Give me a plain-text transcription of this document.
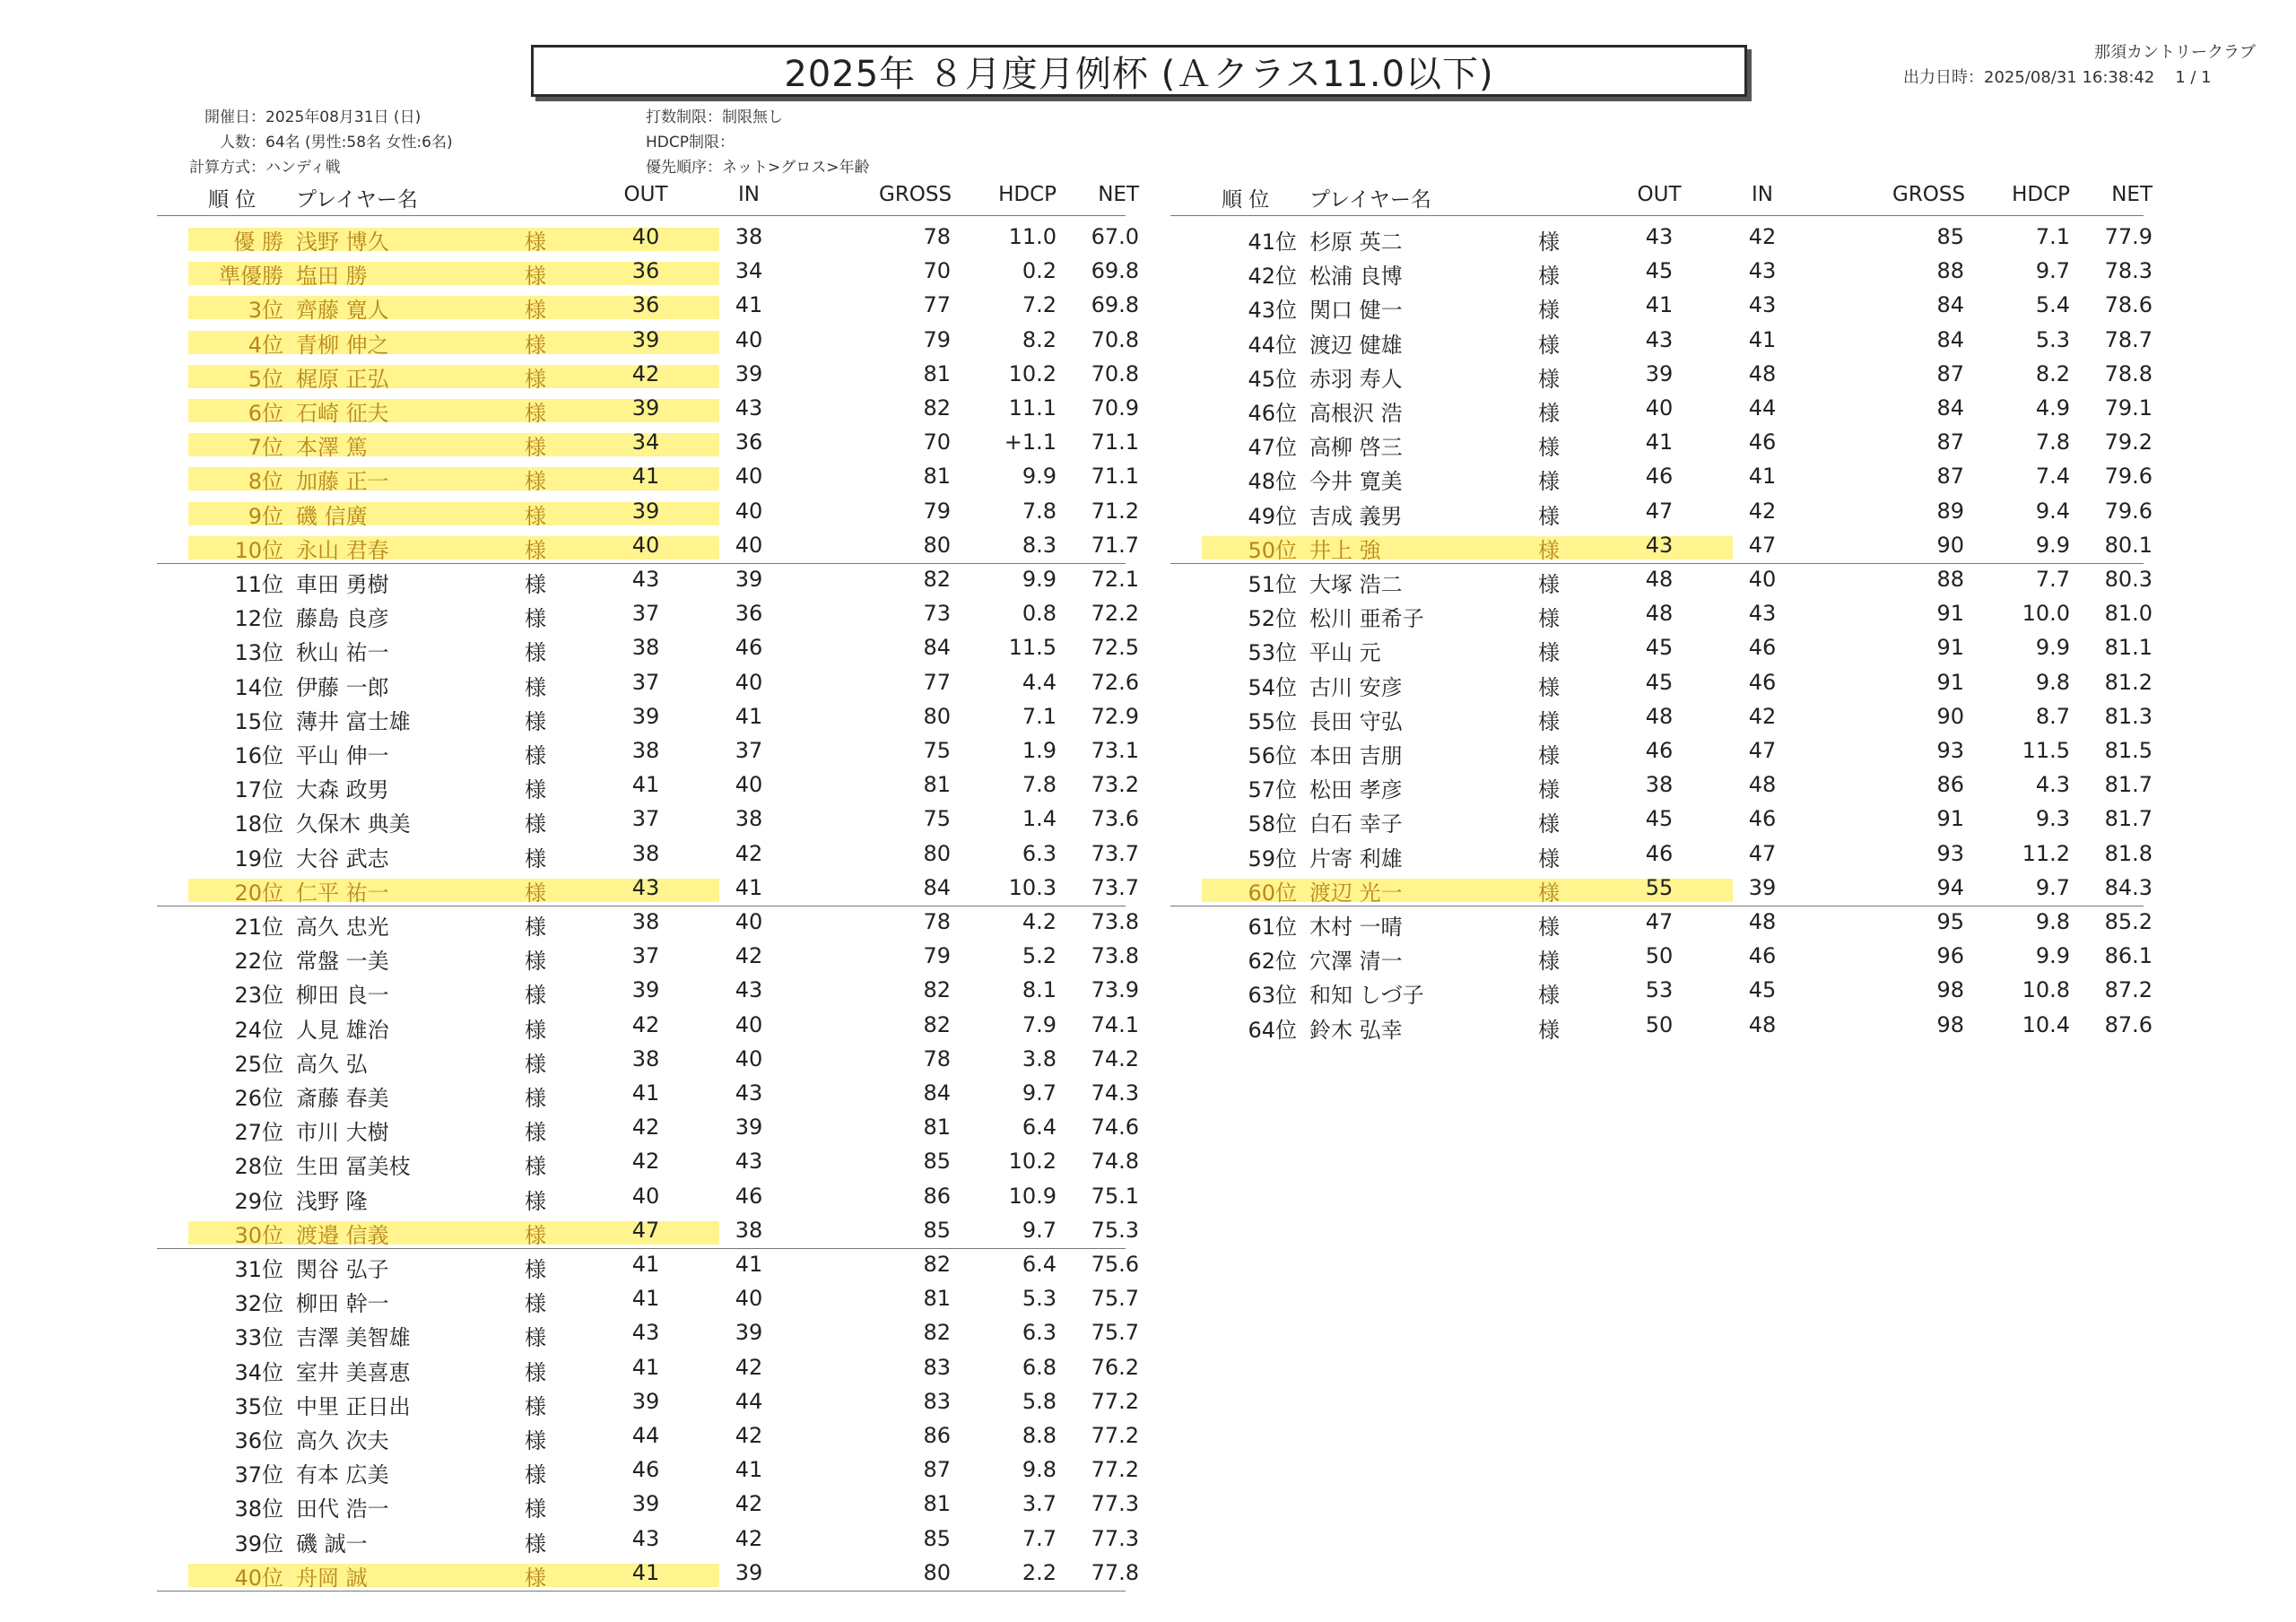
2025年 ８月度月例杯 (Ａクラス11.0以下)
那須カントリークラブ
出力日時：2025/08/31 16:38:42    1 / 1
開催日：2025年08月31日 (日)
人数：64名 (男性:58名 女性:6名)
計算方式：ハンディ戦
打数制限：制限無し
HDCP制限：
優先順序：ネット>グロス>年齢
順 位 プレイヤー名	OUT	IN	GROSS	HDCP	NET	順 位 プレイヤー名	OUT	IN	GROSS	HDCP	NET
優 勝 浅野 博久	様	40	38	78	11.0	67.0
準優勝 塩田 勝	様	36	34	70	0.2	69.8
3位 齊藤 寛人	様	36	41	77	7.2	69.8
4位 青柳 伸之	様	39	40	79	8.2	70.8
5位 梶原 正弘	様	42	39	81	10.2	70.8
6位 石崎 征夫	様	39	43	82	11.1	70.9
7位 本澤 篤	様	34	36	70	+1.1	71.1
8位 加藤 正一	様	41	40	81	9.9	71.1
9位 磯 信廣	様	39	40	79	7.8	71.2
10位 永山 君春	様	40	40	80	8.3	71.7
11位 車田 勇樹	様	43	39	82	9.9	72.1
12位 藤島 良彦	様	37	36	73	0.8	72.2
13位 秋山 祐一	様	38	46	84	11.5	72.5
14位 伊藤 一郎	様	37	40	77	4.4	72.6
15位 薄井 富士雄	様	39	41	80	7.1	72.9
16位 平山 伸一	様	38	37	75	1.9	73.1
17位 大森 政男	様	41	40	81	7.8	73.2
18位 久保木 典美	様	37	38	75	1.4	73.6
19位 大谷 武志	様	38	42	80	6.3	73.7
20位 仁平 祐一	様	43	41	84	10.3	73.7
21位 高久 忠光	様	38	40	78	4.2	73.8
22位 常盤 一美	様	37	42	79	5.2	73.8
23位 柳田 良一	様	39	43	82	8.1	73.9
24位 人見 雄治	様	42	40	82	7.9	74.1
25位 高久 弘	様	38	40	78	3.8	74.2
26位 斎藤 春美	様	41	43	84	9.7	74.3
27位 市川 大樹	様	42	39	81	6.4	74.6
28位 生田 冨美枝	様	42	43	85	10.2	74.8
29位 浅野 隆	様	40	46	86	10.9	75.1
30位 渡邉 信義	様	47	38	85	9.7	75.3
31位 関谷 弘子	様	41	41	82	6.4	75.6
32位 柳田 幹一	様	41	40	81	5.3	75.7
33位 吉澤 美智雄	様	43	39	82	6.3	75.7
34位 室井 美喜恵	様	41	42	83	6.8	76.2
35位 中里 正日出	様	39	44	83	5.8	77.2
36位 高久 次夫	様	44	42	86	8.8	77.2
37位 有本 広美	様	46	41	87	9.8	77.2
38位 田代 浩一	様	39	42	81	3.7	77.3
39位 磯 誠一	様	43	42	85	7.7	77.3
40位 舟岡 誠	様	41	39	80	2.2	77.8
41位 杉原 英二	様	43	42	85	7.1	77.9
42位 松浦 良博	様	45	43	88	9.7	78.3
43位 関口 健一	様	41	43	84	5.4	78.6
44位 渡辺 健雄	様	43	41	84	5.3	78.7
45位 赤羽 寿人	様	39	48	87	8.2	78.8
46位 高根沢 浩	様	40	44	84	4.9	79.1
47位 高柳 啓三	様	41	46	87	7.8	79.2
48位 今井 寛美	様	46	41	87	7.4	79.6
49位 吉成 義男	様	47	42	89	9.4	79.6
50位 井上 強	様	43	47	90	9.9	80.1
51位 大塚 浩二	様	48	40	88	7.7	80.3
52位 松川 亜希子	様	48	43	91	10.0	81.0
53位 平山 元	様	45	46	91	9.9	81.1
54位 古川 安彦	様	45	46	91	9.8	81.2
55位 長田 守弘	様	48	42	90	8.7	81.3
56位 本田 吉朋	様	46	47	93	11.5	81.5
57位 松田 孝彦	様	38	48	86	4.3	81.7
58位 白石 幸子	様	45	46	91	9.3	81.7
59位 片寄 利雄	様	46	47	93	11.2	81.8
60位 渡辺 光一	様	55	39	94	9.7	84.3
61位 木村 一晴	様	47	48	95	9.8	85.2
62位 穴澤 清一	様	50	46	96	9.9	86.1
63位 和知 しづ子	様	53	45	98	10.8	87.2
64位 鈴木 弘幸	様	50	48	98	10.4	87.6
